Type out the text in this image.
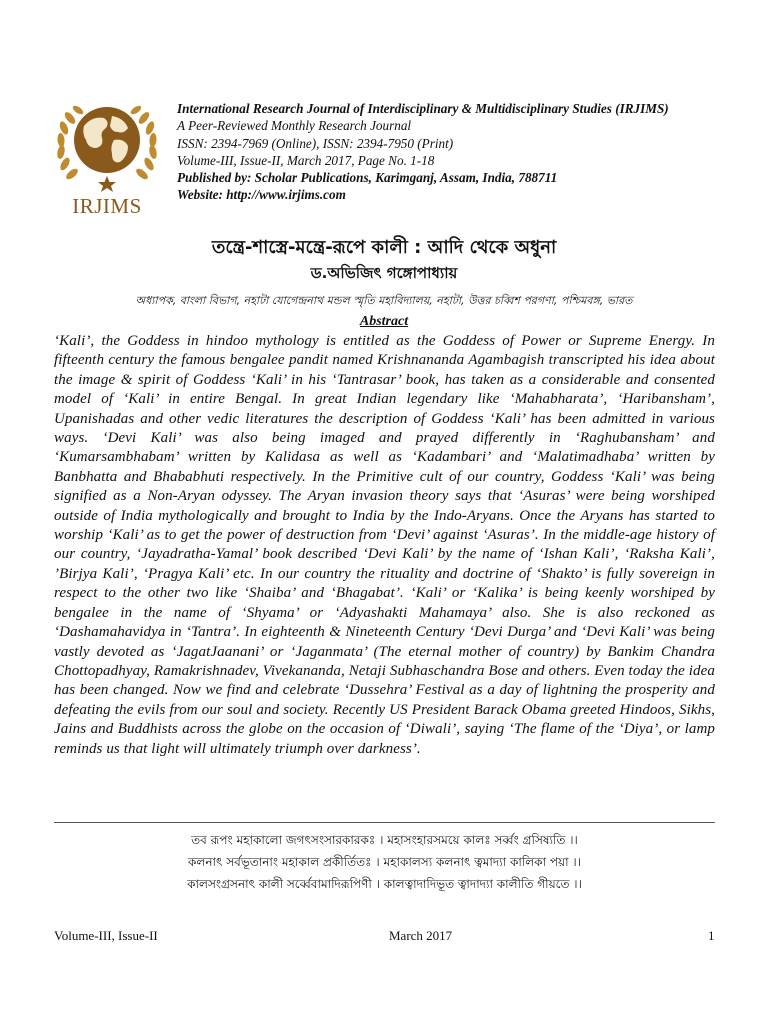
IRJIMS
International Research Journal of Interdisciplinary & Multidisciplinary Studies (IRJIMS)
A Peer-Reviewed Monthly Research Journal
ISSN: 2394-7969 (Online), ISSN: 2394-7950 (Print)
Volume-III, Issue-II, March 2017, Page No. 1-18
Published by: Scholar Publications, Karimganj, Assam, India, 788711
Website: http://www.irjims.com
তন্ত্রে-শাস্ত্রে-মন্ত্রে-রূপে কালী : আদি থেকে অধুনা
ড.অভিজিৎ গঙ্গোপাধ্যায়
অধ্যাপক, বাংলা বিভাগ, নহাটা যোগেন্দ্রনাথ মন্ডল স্মৃতি মহাবিদ্যালয়, নহাটা, উত্তর চব্বিশ পরগণা, পশ্চিমবঙ্গ, ভারত
Abstract
‘Kali’, the Goddess in hindoo mythology is entitled as the Goddess of Power or Supreme Energy. In fifteenth century the famous bengalee pandit named Krishnananda Agambagish transcripted his idea about the image & spirit of Goddess ‘Kali’ in his ‘Tantrasar’ book, has taken as a considerable and consented model of ‘Kali’ in entire Bengal. In great Indian legendary like ‘Mahabharata’, ‘Haribansham’, Upanishadas and other vedic literatures the description of Goddess ‘Kali’ has been admitted in various ways. ‘Devi Kali’ was also being imaged and prayed differently in ‘Raghubansham’ and ‘Kumarsambhabam’ written by Kalidasa as well as ‘Kadambari’ and ‘Malatimadhaba’ written by Banbhatta and Bhababhuti respectively. In the Primitive cult of our country, Goddess ‘Kali’ was being signified as a Non-Aryan odyssey. The Aryan invasion theory says that ‘Asuras’ were being worshiped outside of India mythologically and brought to India by the Indo-Aryans. Once the Aryans has started to worship ‘Kali’ as to get the power of destruction from ‘Devi’ against ‘Asuras’. In the middle-age history of our country, ‘Jayadratha-Yamal’ book described ‘Devi Kali’ by the name of ‘Ishan Kali’, ‘Raksha Kali’, ’Birjya Kali’, ‘Pragya Kali’ etc. In our country the rituality and doctrine of ‘Shakto’ is fully sovereign in respect to the other two like ‘Shaiba’ and ‘Bhagabat’. ‘Kali’ or ‘Kalika’ is being keenly worshiped by bengalee in the name of ‘Shyama’ or ‘Adyashakti Mahamaya’ also. She is also reckoned as ‘Dashamahavidya in ‘Tantra’. In eighteenth & Nineteenth Century ‘Devi Durga’ and ‘Devi Kali’ was being vastly devoted as ‘JagatJaanani’ or ‘Jaganmata’ (The eternal mother of country) by Bankim Chandra Chottopadhyay, Ramakrishnadev, Vivekananda, Netaji Subhaschandra Bose and others. Even today the idea has been changed. Now we find and celebrate ‘Dussehra’ Festival as a day of lightning the prosperity and defeating the evils from our soul and society. Recently US President Barack Obama greeted Hindoos, Sikhs, Jains and Buddhists across the globe on the occasion of ‘Diwali’, saying ‘The flame of the ‘Diya’, or lamp reminds us that light will ultimately triumph over darkness’.
তব রূপং মহাকালো জগৎসংসারকারকঃ । মহাসংহারসময়ে কালঃ সর্ব্বং গ্রসিষ্যতি ।।
কলনাৎ সর্বভূতানাং মহাকাল প্রকীর্তিতঃ । মহাকালস্য কলনাৎ ত্বমাদ্যা কালিকা পয়া ।।
কালসংগ্রসনাৎ কালী সর্ব্বেবামাদিরূপিণী । কালত্বাদাদিভূত ত্বাদাদ্যা কালীতি গীয়তে ।।
Volume-III, Issue-II	March 2017	1
